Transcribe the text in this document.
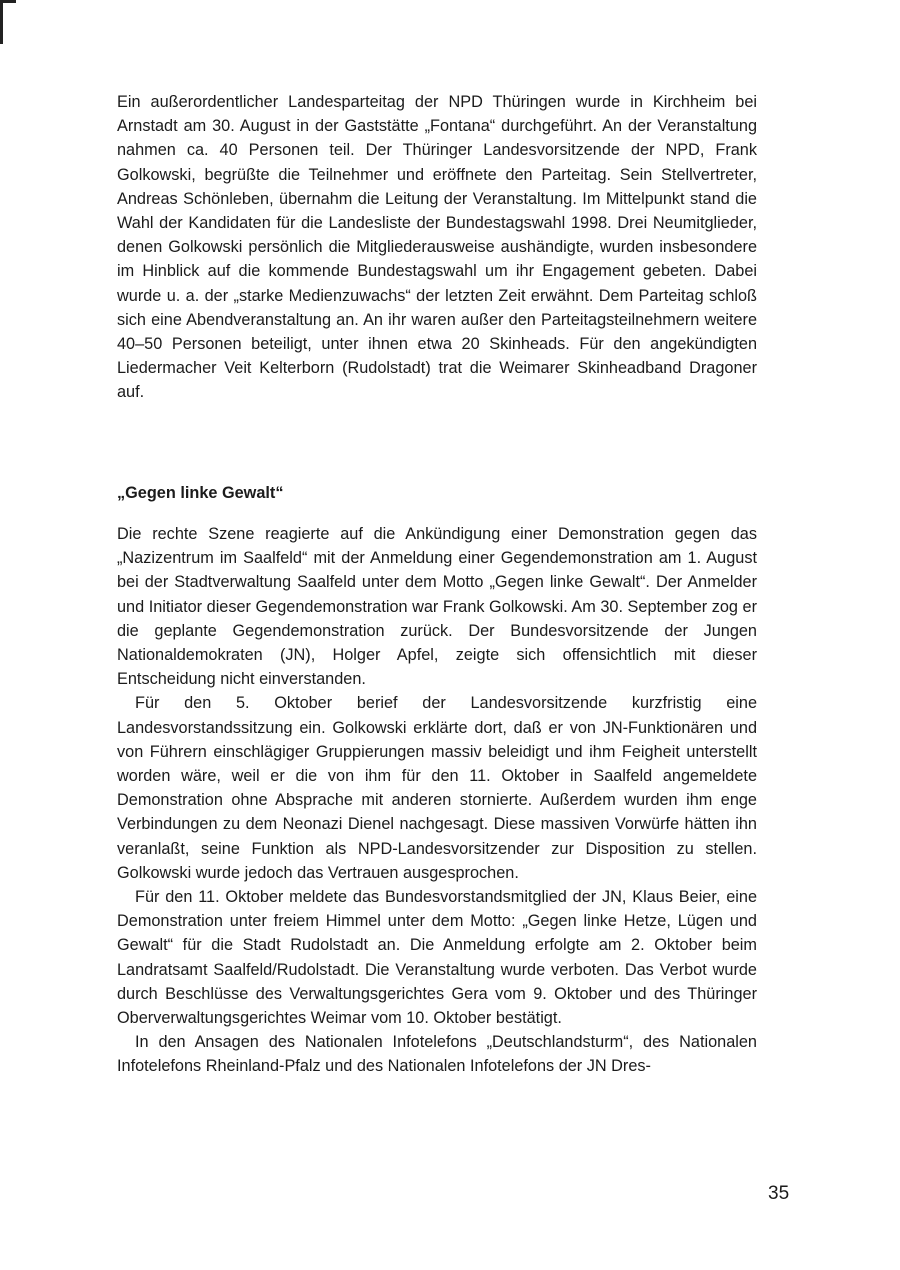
Ein außerordentlicher Landesparteitag der NPD Thüringen wurde in Kirchheim bei Arnstadt am 30. August in der Gaststätte „Fontana“ durchgeführt. An der Veranstaltung nahmen ca. 40 Personen teil. Der Thüringer Landesvorsitzende der NPD, Frank Golkowski, begrüßte die Teilnehmer und eröffnete den Parteitag. Sein Stellvertreter, Andreas Schönleben, übernahm die Leitung der Veranstaltung. Im Mittelpunkt stand die Wahl der Kandidaten für die Landesliste der Bundestagswahl 1998. Drei Neumitglieder, denen Golkowski persönlich die Mitgliederausweise aushändigte, wurden insbesondere im Hinblick auf die kommende Bundestagswahl um ihr Engagement gebeten. Dabei wurde u. a. der „starke Medienzuwachs“ der letzten Zeit erwähnt. Dem Parteitag schloß sich eine Abendveranstaltung an. An ihr waren außer den Parteitagsteilnehmern weitere 40–50 Personen beteiligt, unter ihnen etwa 20 Skinheads. Für den angekündigten Liedermacher Veit Kelterborn (Rudolstadt) trat die Weimarer Skinheadband Dragoner auf.

„Gegen linke Gewalt“

Die rechte Szene reagierte auf die Ankündigung einer Demonstration gegen das „Nazizentrum im Saalfeld“ mit der Anmeldung einer Gegendemonstration am 1. August bei der Stadtverwaltung Saalfeld unter dem Motto „Gegen linke Gewalt“. Der Anmelder und Initiator dieser Gegendemonstration war Frank Golkowski. Am 30. September zog er die geplante Gegendemonstration zurück. Der Bundesvorsitzende der Jungen Nationaldemokraten (JN), Holger Apfel, zeigte sich offensichtlich mit dieser Entscheidung nicht einverstanden.

Für den 5. Oktober berief der Landesvorsitzende kurzfristig eine Landesvorstandssitzung ein. Golkowski erklärte dort, daß er von JN-Funktionären und von Führern einschlägiger Gruppierungen massiv beleidigt und ihm Feigheit unterstellt worden wäre, weil er die von ihm für den 11. Oktober in Saalfeld angemeldete Demonstration ohne Absprache mit anderen stornierte. Außerdem wurden ihm enge Verbindungen zu dem Neonazi Dienel nachgesagt. Diese massiven Vorwürfe hätten ihn veranlaßt, seine Funktion als NPD-Landesvorsitzender zur Disposition zu stellen. Golkowski wurde jedoch das Vertrauen ausgesprochen.

Für den 11. Oktober meldete das Bundesvorstandsmitglied der JN, Klaus Beier, eine Demonstration unter freiem Himmel unter dem Motto: „Gegen linke Hetze, Lügen und Gewalt“ für die Stadt Rudolstadt an. Die Anmeldung erfolgte am 2. Oktober beim Landratsamt Saalfeld/Rudolstadt. Die Veranstaltung wurde verboten. Das Verbot wurde durch Beschlüsse des Verwaltungsgerichtes Gera vom 9. Oktober und des Thüringer Oberverwaltungsgerichtes Weimar vom 10. Oktober bestätigt.

In den Ansagen des Nationalen Infotelefons „Deutschlandsturm“, des Nationalen Infotelefons Rheinland-Pfalz und des Nationalen Infotelefons der JN Dres-

35
